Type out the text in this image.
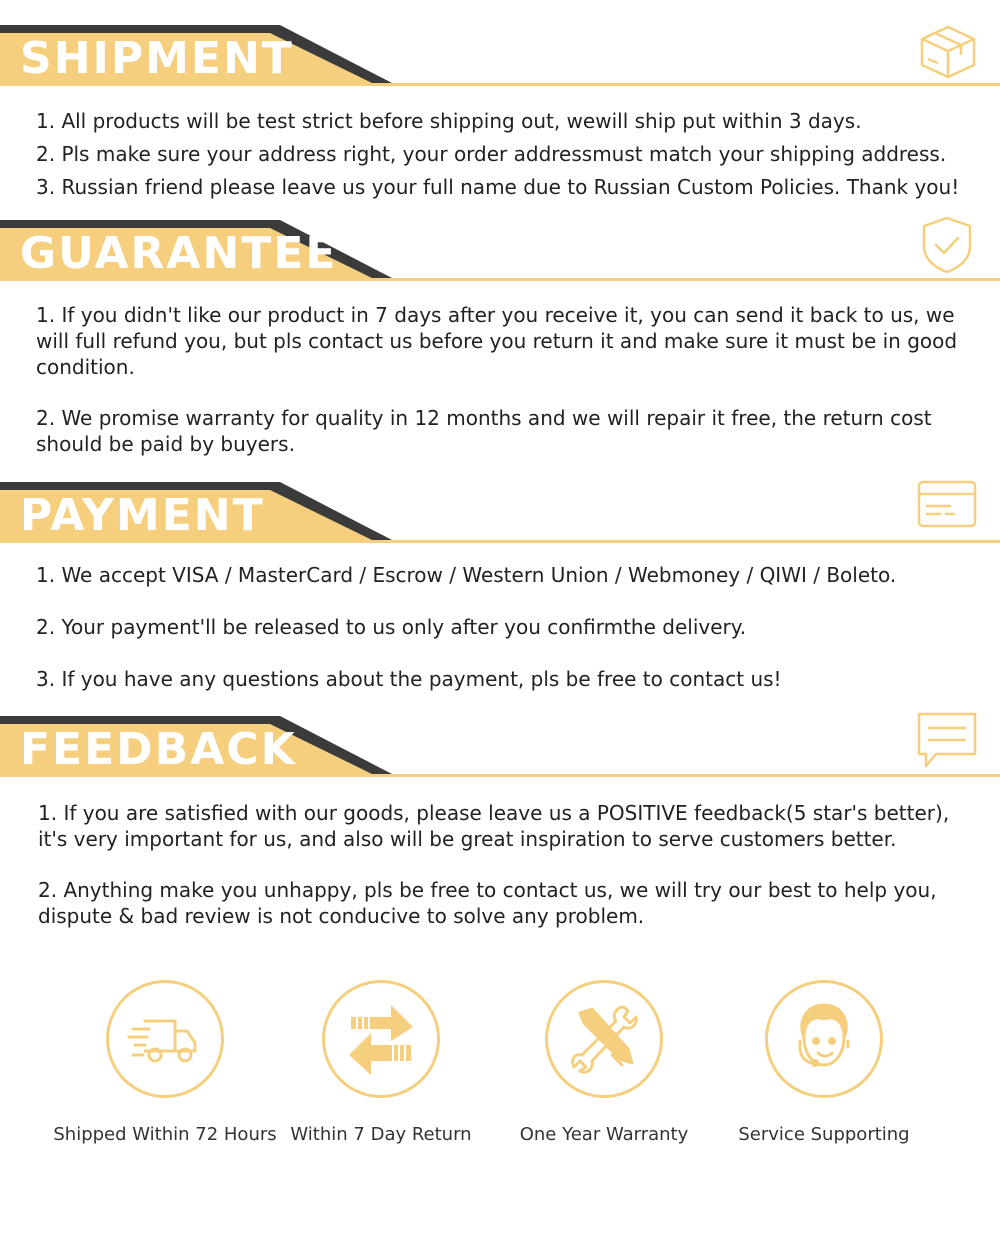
SHIPMENT

1. All products will be test strict before shipping out, wewill ship put within 3 days.

2. Pls make sure your address right, your order addressmust match your shipping address.

3. Russian friend please leave us your full name due to Russian Custom Policies. Thank you!

GUARANTEE

1. If you didn't like our product in 7 days after you receive it, you can send it back to us, we will full refund you, but pls contact us before you return it and make sure it must be in good condition.

2. We promise warranty for quality in 12 months and we will repair it free, the return cost should be paid by buyers.

PAYMENT

1. We accept VISA / MasterCard / Escrow / Western Union / Webmoney / QIWI / Boleto.

2. Your payment'll be released to us only after you confirmthe delivery.

3. If you have any questions about the payment, pls be free to contact us!

FEEDBACK

1. If you are satisfied with our goods, please leave us a POSITIVE feedback(5 star's better), it's very important for us, and also will be great inspiration to serve customers better.

2. Anything make you unhappy, pls be free to contact us, we will try our best to help you, dispute & bad review is not conducive to solve any problem.

Shipped Within 72 Hours Within 7 Day Return	One Year Warranty	Service Supporting
